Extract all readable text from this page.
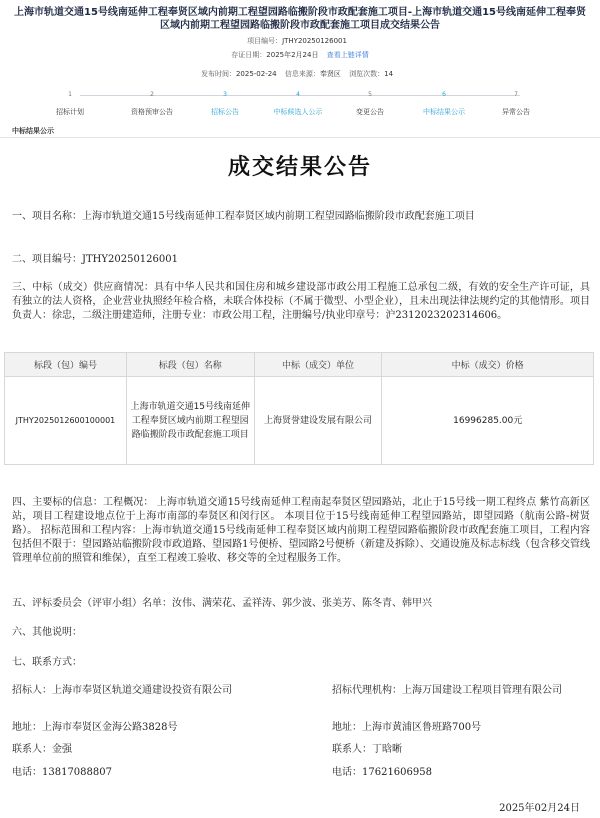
上海市轨道交通15号线南延伸工程奉贤区域内前期工程望园路临搬阶段市政配套施工项目-上海市轨道交通15号线南延伸工程奉贤区域内前期工程望园路临搬阶段市政配套施工项目成交结果公告
项目编号：JTHY20250126001
存证日期：2025年2月24日 查看上链详情
发布时间：2025-02-24 信息来源：奉贤区 浏览次数：14
1
招标计划
2
资格预审公告
3
招标公告
4
中标候选人公示
5
变更公告
6
中标结果公示
7
异常公告
中标结果公示
成交结果公告
一、项目名称：上海市轨道交通15号线南延伸工程奉贤区域内前期工程望园路临搬阶段市政配套施工项目
二、项目编号：JTHY20250126001
三、中标（成交）供应商情况：具有中华人民共和国住房和城乡建设部市政公用工程施工总承包二级，有效的安全生产许可证，具有独立的法人资格，企业营业执照经年检合格，未联合体投标（不属于微型、小型企业），且未出现法律法规约定的其他情形。项目负责人：徐忠，二级注册建造师，注册专业：市政公用工程，注册编号/执业印章号：沪2312023202314606。
标段（包）编号	标段（包）名称	中标（成交）单位	中标（成交）价格
JTHY2025012600100001	上海市轨道交通15号线南延伸工程奉贤区域内前期工程望园路临搬阶段市政配套施工项目	上海贤誉建设发展有限公司	16996285.00元
四、主要标的信息：工程概况： 上海市轨道交通15号线南延伸工程南起奉贤区望园路站，北止于15号线一期工程终点 紫竹高新区站，项目工程建设地点位于上海市南部的奉贤区和闵行区。 本项目位于15号线南延伸工程望园路站，即望园路（航南公路-树贤路）。 招标范围和工程内容：上海市轨道交通15号线南延伸工程奉贤区域内前期工程望园路临搬阶段市政配套施工项目，工程内容包括但不限于：望园路站临搬阶段市政道路、望园路1号便桥、望园路2号便桥（新建及拆除）、交通设施及标志标线（包含移交管线管理单位前的照管和维保），直至工程竣工验收、移交等的全过程服务工作。
五、评标委员会（评审小组）名单：汝伟、满荣花、孟祥涛、郭少波、张美芳、陈冬青、韩甲兴
六、其他说明：
七、联系方式：
招标人：上海市奉贤区轨道交通建设投资有限公司	招标代理机构：上海万国建设工程项目管理有限公司
地址：上海市奉贤区金海公路3828号	地址：上海市黄浦区鲁班路700号
联系人：金强	联系人：丁晗晰
电话：13817088807	电话：17621606958
2025年02月24日
